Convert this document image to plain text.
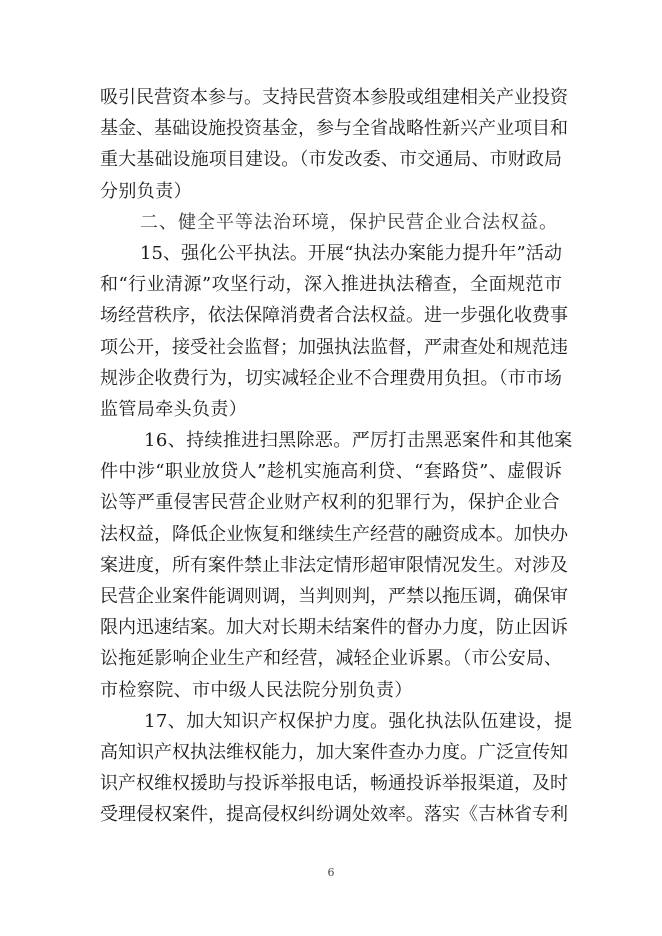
吸引民营资本参与。支持民营资本参股或组建相关产业投资
基金、基础设施投资基金，参与全省战略性新兴产业项目和
重大基础设施项目建设。（市发改委、市交通局、市财政局
分别负责）
二、健全平等法治环境，保护民营企业合法权益。
15、强化公平执法。开展“执法办案能力提升年”活动
和“行业清源”攻坚行动，深入推进执法稽查，全面规范市
场经营秩序，依法保障消费者合法权益。进一步强化收费事
项公开，接受社会监督；加强执法监督，严肃查处和规范违
规涉企收费行为，切实减轻企业不合理费用负担。（市市场
监管局牵头负责）
16、持续推进扫黑除恶。严厉打击黑恶案件和其他案
件中涉“职业放贷人”趁机实施高利贷、“套路贷”、虚假诉
讼等严重侵害民营企业财产权利的犯罪行为，保护企业合
法权益，降低企业恢复和继续生产经营的融资成本。加快办
案进度，所有案件禁止非法定情形超审限情况发生。对涉及
民营企业案件能调则调，当判则判，严禁以拖压调，确保审
限内迅速结案。加大对长期未结案件的督办力度，防止因诉
讼拖延影响企业生产和经营，减轻企业诉累。（市公安局、
市检察院、市中级人民法院分别负责）
17、加大知识产权保护力度。强化执法队伍建设，提
高知识产权执法维权能力，加大案件查办力度。广泛宣传知
识产权维权援助与投诉举报电话，畅通投诉举报渠道，及时
受理侵权案件，提高侵权纠纷调处效率。落实《吉林省专利
6
